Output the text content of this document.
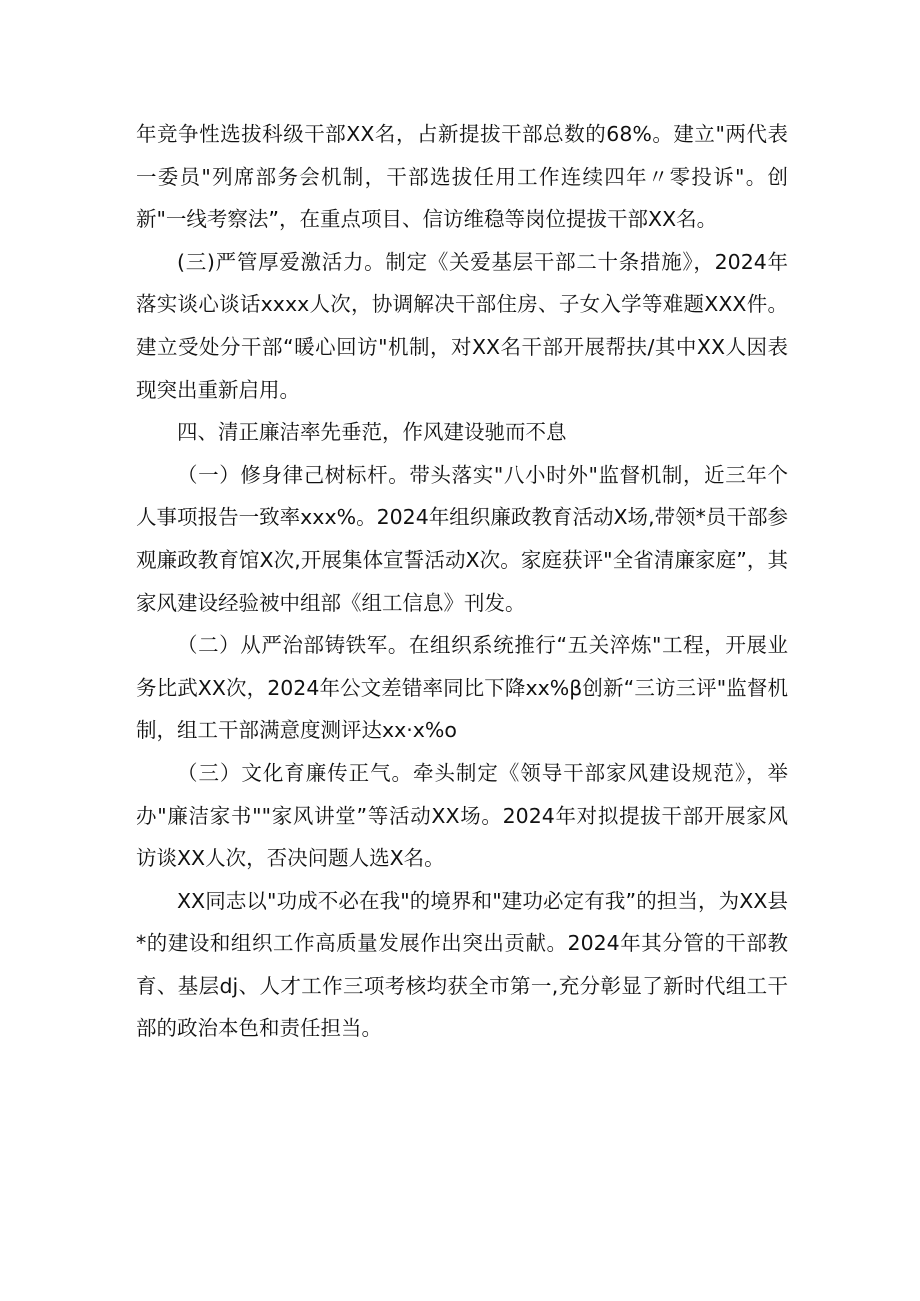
年竞争性选拔科级干部XX名，占新提拔干部总数的68%。建立"两代表一委员"列席部务会机制，干部选拔任用工作连续四年〃零投诉"。创新"一线考察法”，在重点项目、信访维稳等岗位提拔干部XX名。

(三)严管厚爱激活力。制定《关爱基层干部二十条措施》，2024年落实谈心谈话xxxx人次，协调解决干部住房、子女入学等难题XXX件。建立受处分干部“暖心回访"机制，对XX名干部开展帮扶/其中XX人因表现突出重新启用。

四、清正廉洁率先垂范，作风建设驰而不息

（一）修身律己树标杆。带头落实"八小时外"监督机制，近三年个人事项报告一致率xxx%。2024年组织廉政教育活动X场,带领*员干部参观廉政教育馆X次,开展集体宣誓活动X次。家庭获评"全省清廉家庭”，其家风建设经验被中组部《组工信息》刊发。

（二）从严治部铸铁军。在组织系统推行“五关淬炼"工程，开展业务比武XX次，2024年公文差错率同比下降xx%β创新“三访三评"监督机制，组工干部满意度测评达xx·x%o

（三）文化育廉传正气。牵头制定《领导干部家风建设规范》，举办"廉洁家书""家风讲堂”等活动XX场。2024年对拟提拔干部开展家风访谈XX人次，否决问题人选X名。

XX同志以"功成不必在我"的境界和"建功必定有我”的担当，为XX县*的建设和组织工作高质量发展作出突出贡献。2024年其分管的干部教育、基层dj、人才工作三项考核均获全市第一,充分彰显了新时代组工干部的政治本色和责任担当。
